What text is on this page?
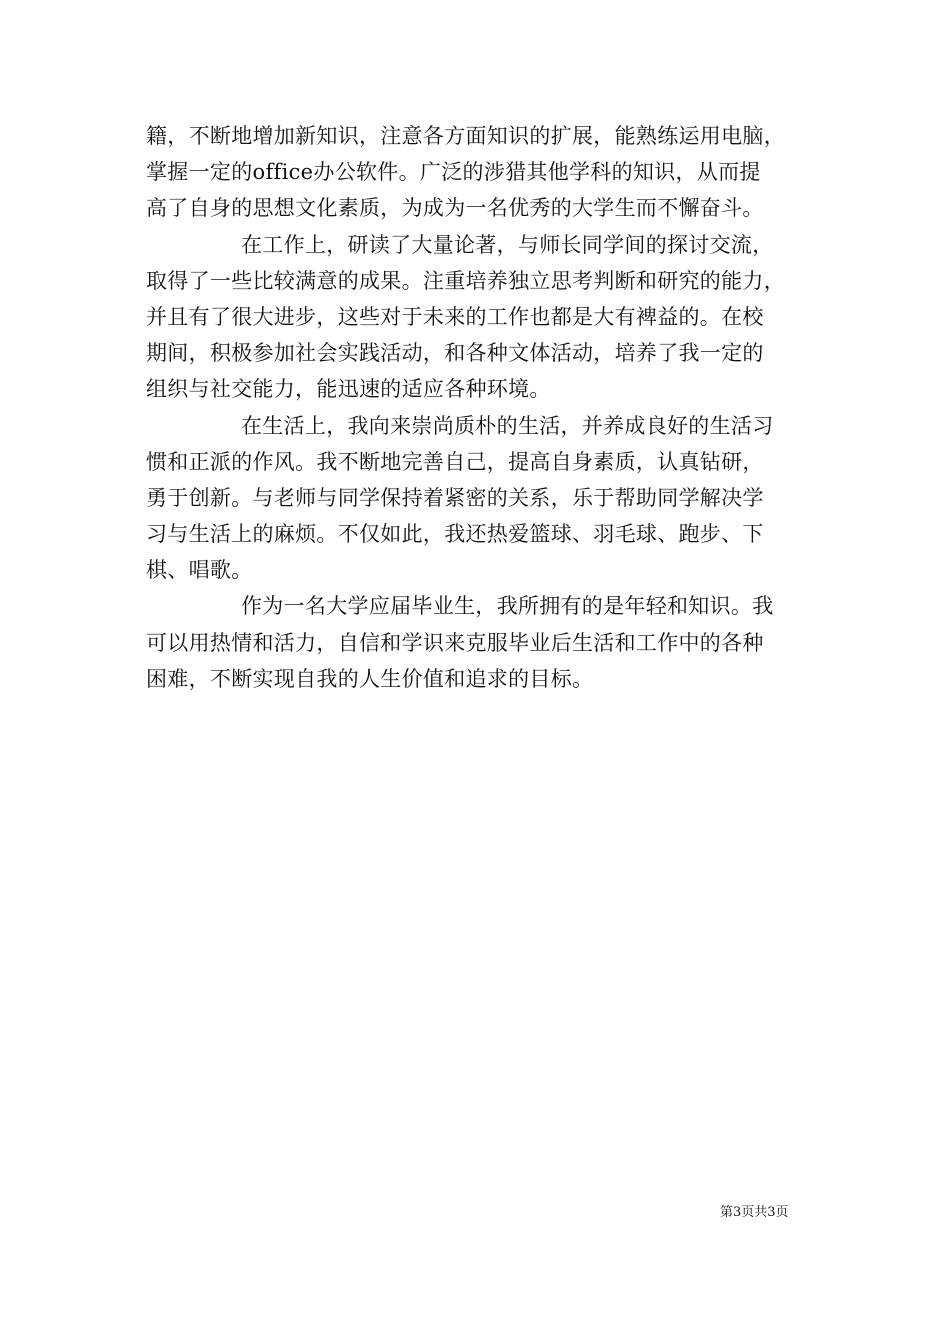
籍，不断地增加新知识，注意各方面知识的扩展，能熟练运用电脑，
掌握一定的office办公软件。广泛的涉猎其他学科的知识，从而提
高了自身的思想文化素质，为成为一名优秀的大学生而不懈奋斗。
在工作上，研读了大量论著，与师长同学间的探讨交流，
取得了一些比较满意的成果。注重培养独立思考判断和研究的能力，
并且有了很大进步，这些对于未来的工作也都是大有裨益的。在校
期间，积极参加社会实践活动，和各种文体活动，培养了我一定的
组织与社交能力，能迅速的适应各种环境。
在生活上，我向来崇尚质朴的生活，并养成良好的生活习
惯和正派的作风。我不断地完善自己，提高自身素质，认真钻研，
勇于创新。与老师与同学保持着紧密的关系，乐于帮助同学解决学
习与生活上的麻烦。不仅如此，我还热爱篮球、羽毛球、跑步、下
棋、唱歌。
作为一名大学应届毕业生，我所拥有的是年轻和知识。我
可以用热情和活力，自信和学识来克服毕业后生活和工作中的各种
困难，不断实现自我的人生价值和追求的目标。
第3页共3页
